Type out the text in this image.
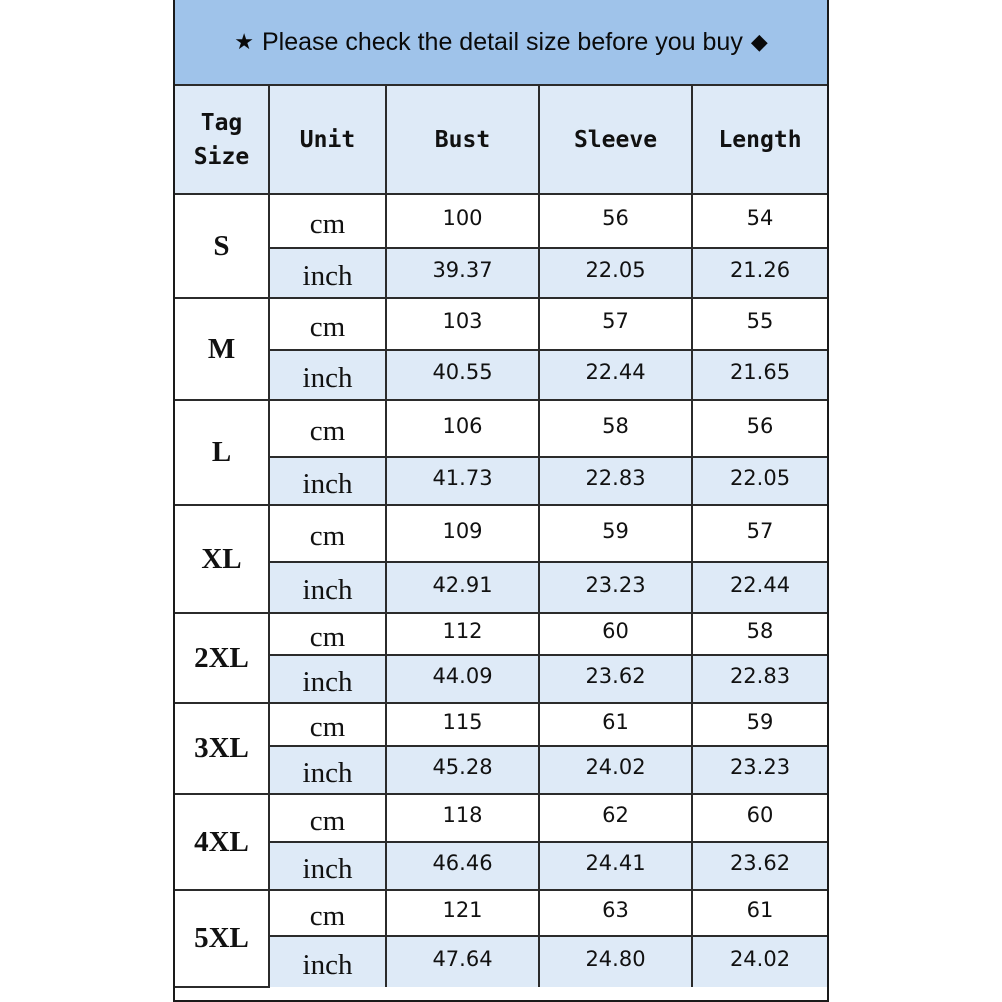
★ Please check the detail size before you buy ◆
Tag
Size	Unit	Bust	Sleeve	Length
S	cm	100	56	54
	inch	39.37	22.05	21.26
M	cm	103	57	55
	inch	40.55	22.44	21.65
L	cm	106	58	56
	inch	41.73	22.83	22.05
XL	cm	109	59	57
	inch	42.91	23.23	22.44
2XL	cm	112	60	58
	inch	44.09	23.62	22.83
3XL	cm	115	61	59
	inch	45.28	24.02	23.23
4XL	cm	118	62	60
	inch	46.46	24.41	23.62
5XL	cm	121	63	61
	inch	47.64	24.80	24.02
